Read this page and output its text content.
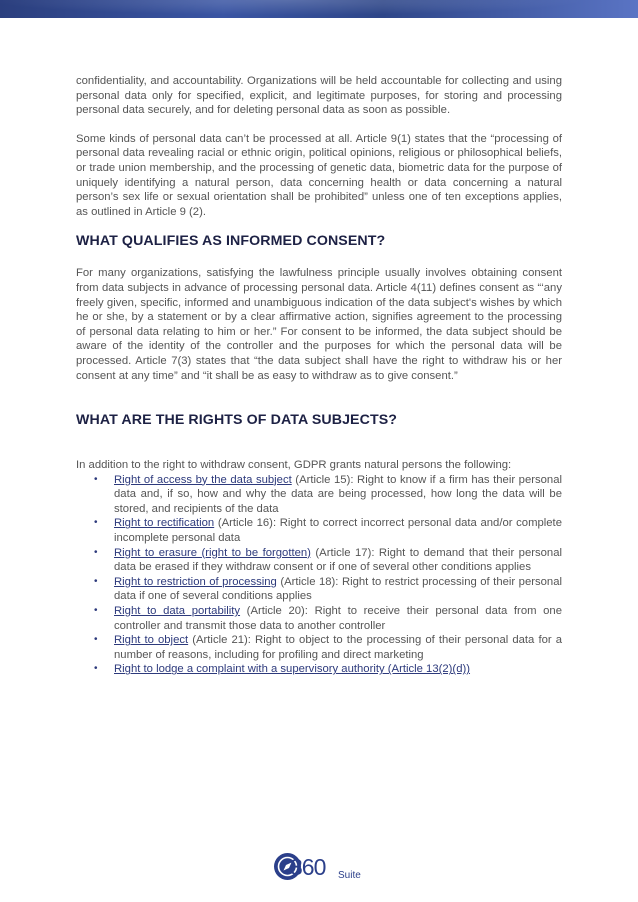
confidentiality, and accountability. Organizations will be held accountable for collecting and using personal data only for specified, explicit, and legitimate purposes, for storing and processing personal data securely, and for deleting personal data as soon as possible.

Some kinds of personal data can’t be processed at all. Article 9(1) states that the “processing of personal data revealing racial or ethnic origin, political opinions, religious or philosophical beliefs, or trade union membership, and the processing of genetic data, biometric data for the purpose of uniquely identifying a natural person, data concerning health or data concerning a natural person’s sex life or sexual orientation shall be prohibited” unless one of ten exceptions applies, as outlined in Article 9 (2).

WHAT QUALIFIES AS INFORMED CONSENT?

For many organizations, satisfying the lawfulness principle usually involves obtaining consent from data subjects in advance of processing personal data. Article 4(11) defines consent as “‘any freely given, specific, informed and unambiguous indication of the data subject's wishes by which he or she, by a statement or by a clear affirmative action, signifies agreement to the processing of personal data relating to him or her.” For consent to be informed, the data subject should be aware of the identity of the controller and the purposes for which the personal data will be processed. Article 7(3) states that “the data subject shall have the right to withdraw his or her consent at any time” and “it shall be as easy to withdraw as to give consent.”

WHAT ARE THE RIGHTS OF DATA SUBJECTS?

In addition to the right to withdraw consent, GDPR grants natural persons the following:

• Right of access by the data subject (Article 15): Right to know if a firm has their personal data and, if so, how and why the data are being processed, how long the data will be stored, and recipients of the data
• Right to rectification (Article 16): Right to correct incorrect personal data and/or complete incomplete personal data
• Right to erasure (right to be forgotten) (Article 17): Right to demand that their personal data be erased if they withdraw consent or if one of several other conditions applies
• Right to restriction of processing (Article 18): Right to restrict processing of their personal data if one of several conditions applies
• Right to data portability (Article 20): Right to receive their personal data from one controller and transmit those data to another controller
• Right to object (Article 21): Right to object to the processing of their personal data for a number of reasons, including for profiling and direct marketing
• Right to lodge a complaint with a supervisory authority (Article 13(2)(d))
360 Suite
